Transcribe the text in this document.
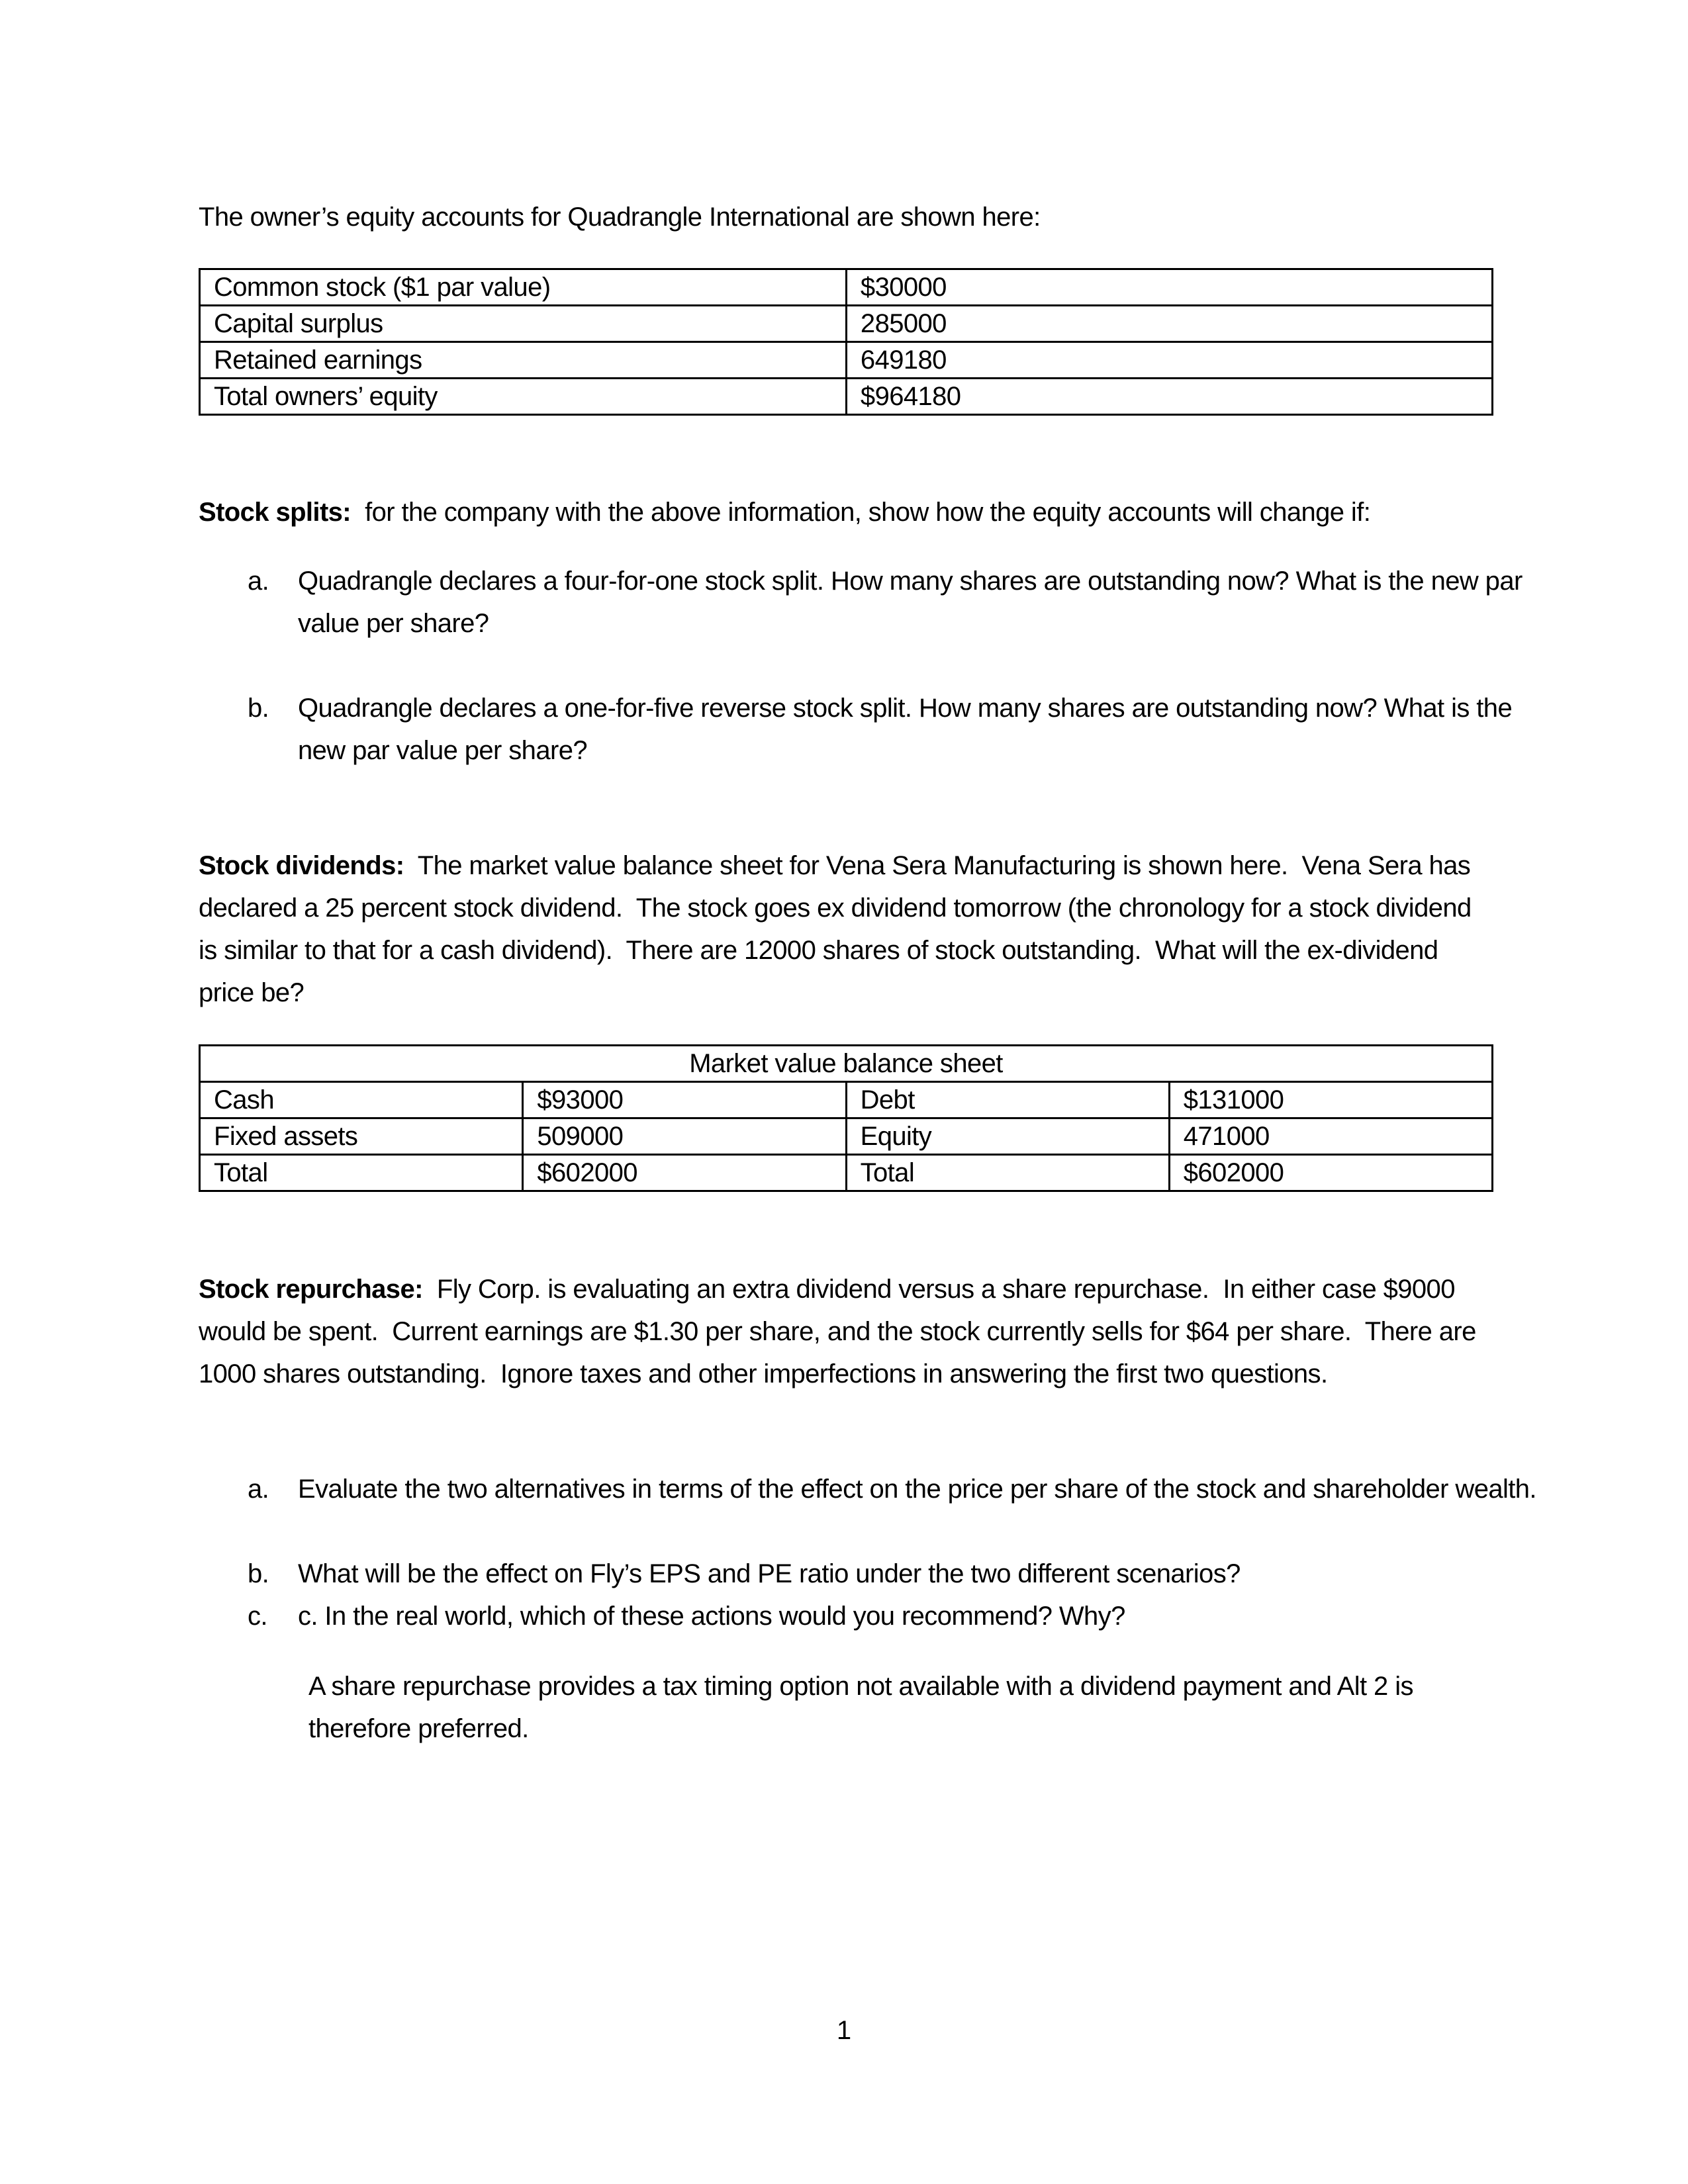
The owner’s equity accounts for Quadrangle International are shown here:
Common stock ($1 par value)	$30000
Capital surplus	285000
Retained earnings	649180
Total owners’ equity	$964180
Stock splits:  for the company with the above information, show how the equity accounts will change if:
a. Quadrangle declares a four-for-one stock split. How many shares are outstanding now? What is the new par value per share?
b. Quadrangle declares a one-for-five reverse stock split. How many shares are outstanding now? What is the new par value per share?
Stock dividends:  The market value balance sheet for Vena Sera Manufacturing is shown here.  Vena Sera has declared a 25 percent stock dividend.  The stock goes ex dividend tomorrow (the chronology for a stock dividend is similar to that for a cash dividend).  There are 12000 shares of stock outstanding.  What will the ex-dividend price be?
Market value balance sheet			
Cash	$93000	Debt	$131000
Fixed assets	509000	Equity	471000
Total	$602000	Total	$602000
Stock repurchase:  Fly Corp. is evaluating an extra dividend versus a share repurchase.  In either case $9000 would be spent.  Current earnings are $1.30 per share, and the stock currently sells for $64 per share.  There are 1000 shares outstanding.  Ignore taxes and other imperfections in answering the first two questions.
a. Evaluate the two alternatives in terms of the effect on the price per share of the stock and shareholder wealth.
b. What will be the effect on Fly’s EPS and PE ratio under the two different scenarios?
c. c. In the real world, which of these actions would you recommend? Why?
A share repurchase provides a tax timing option not available with a dividend payment and Alt 2 is therefore preferred.
1
